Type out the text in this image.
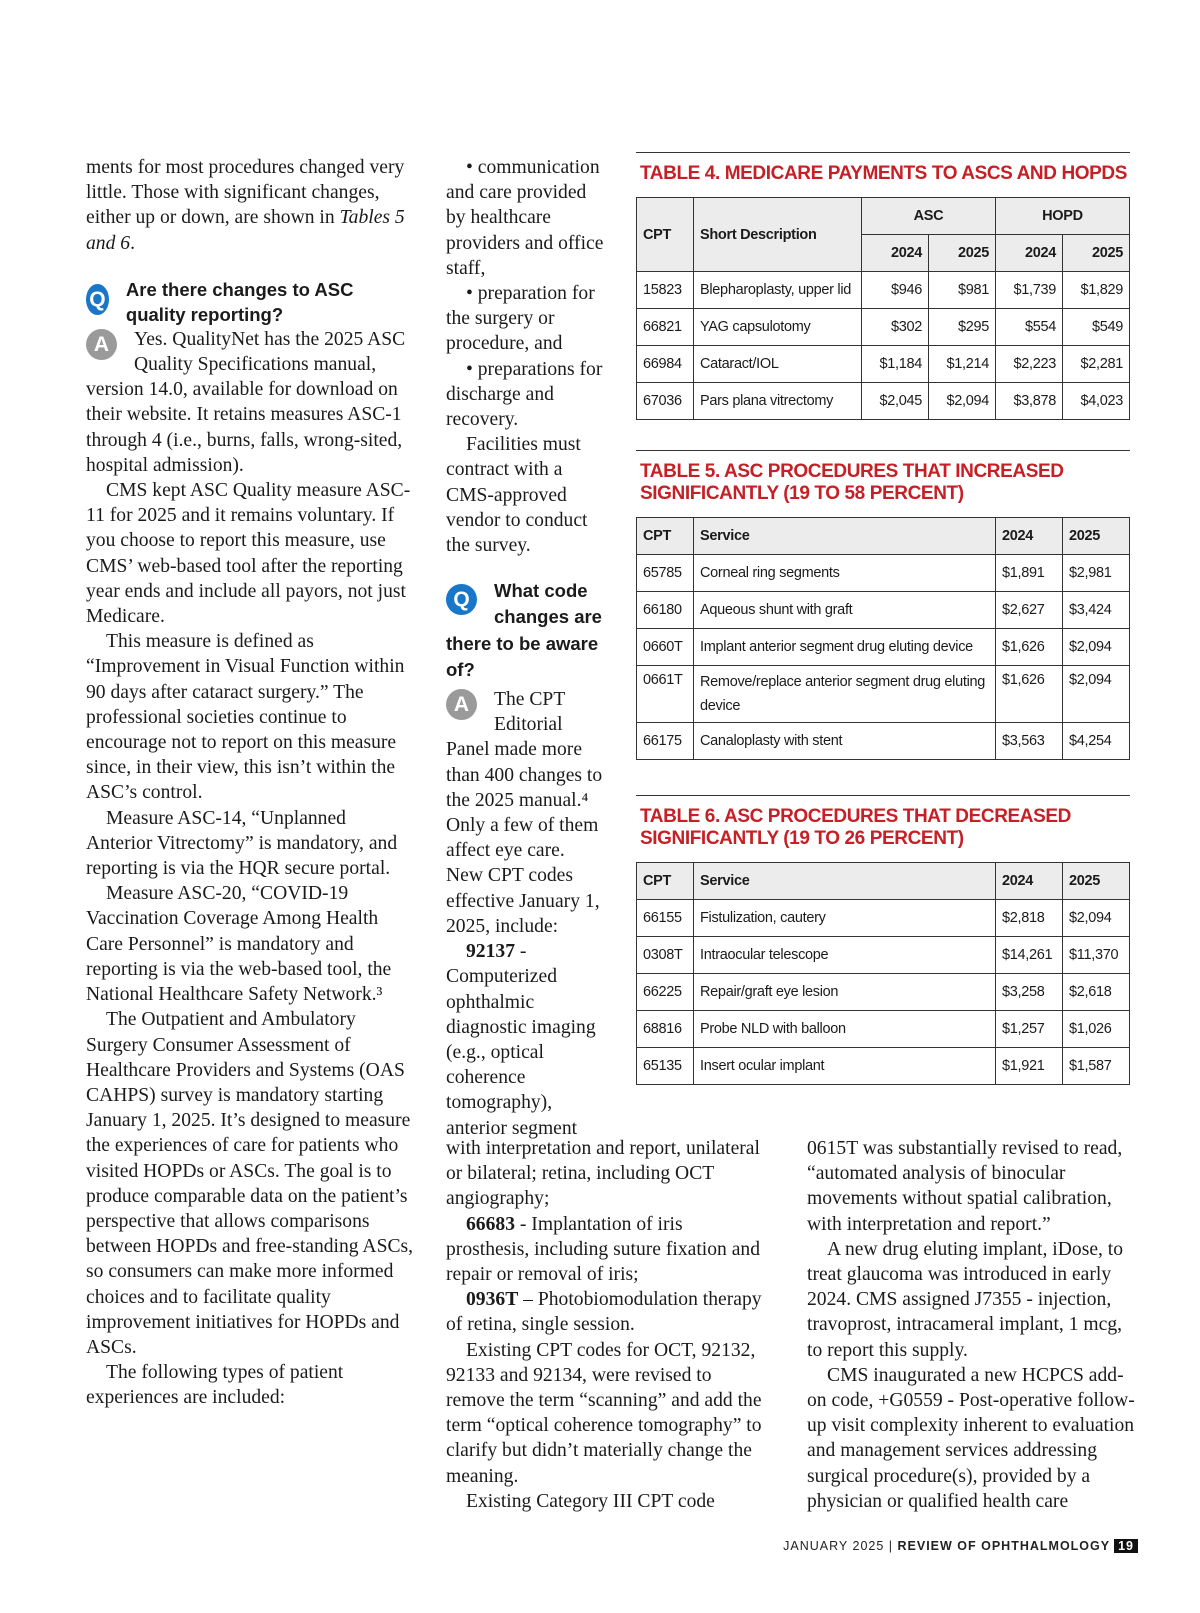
ments for most procedures changed very little. Those with significant changes, either up or down, are shown in Tables 5 and 6.

Q Are there changes to ASC quality reporting?

A	Yes. QualityNet has the 2025 ASC Quality Specifications manual, version 14.0, available for download on their website. It retains measures ASC-1 through 4 (i.e., burns, falls, wrong-sited, hospital admission).

CMS kept ASC Quality measure ASC-11 for 2025 and it remains voluntary. If you choose to report this measure, use CMS’ web-based tool after the reporting year ends and include all payors, not just Medicare.

This measure is defined as “Improvement in Visual Function within 90 days after cataract surgery.” The professional societies continue to encourage not to report on this measure since, in their view, this isn’t within the ASC’s control.

Measure ASC-14, “Unplanned Anterior Vitrectomy” is mandatory, and reporting is via the HQR secure portal.

Measure ASC-20, “COVID-19 Vaccination Coverage Among Health Care Personnel” is mandatory and reporting is via the web-based tool, the National Healthcare Safety Network.³

The Outpatient and Ambulatory Surgery Consumer Assessment of Healthcare Providers and Systems (OAS CAHPS) survey is mandatory starting January 1, 2025. It’s designed to measure the experiences of care for patients who visited HOPDs or ASCs. The goal is to produce comparable data on the patient’s perspective that allows comparisons between HOPDs and free-standing ASCs, so consumers can make more informed choices and to facilitate quality improvement initiatives for HOPDs and ASCs.

The following types of patient experiences are included:

• communication and care provided by healthcare providers and office staff,

• preparation for the surgery or procedure, and

• preparations for discharge and recovery.

Facilities must contract with a CMS-approved vendor to conduct the survey.

Q	What code changes are there to be aware of?

A	The CPT Editorial Panel made more than 400 changes to the 2025 manual.⁴ Only a few of them affect eye care. New CPT codes effective January 1, 2025, include:

92137 - Computerized ophthalmic diagnostic imaging (e.g., optical coherence tomography), anterior segment

with interpretation and report, unilateral or bilateral; retina, including OCT angiography;

66683 - Implantation of iris prosthesis, including suture fixation and repair or removal of iris;

0936T – Photobiomodulation therapy of retina, single session.

Existing CPT codes for OCT, 92132, 92133 and 92134, were revised to remove the term “scanning” and add the term “optical coherence tomography” to clarify but didn’t materially change the meaning.

Existing Category III CPT code

0615T was substantially revised to read, “automated analysis of binocular movements without spatial calibration, with interpretation and report.”

A new drug eluting implant, iDose, to treat glaucoma was introduced in early 2024. CMS assigned J7355 - injection, travoprost, intracameral implant, 1 mcg, to report this supply.

CMS inaugurated a new HCPCS add-on code, +G0559 - Post-operative follow-up visit complexity inherent to evaluation and management services addressing surgical procedure(s), provided by a physician or qualified health care

TABLE 4. MEDICARE PAYMENTS TO ASCS AND HOPDS
CPT	Short Description	ASC		HOPD	
		2024	2025	2024	2025
15823	Blepharoplasty, upper lid	$946	$981	$1,739	$1,829
66821	YAG capsulotomy	$302	$295	$554	$549
66984	Cataract/IOL	$1,184	$1,214	$2,223	$2,281
67036	Pars plana vitrectomy	$2,045	$2,094	$3,878	$4,023
TABLE 5. ASC PROCEDURES THAT INCREASED SIGNIFICANTLY (19 TO 58 PERCENT)
CPT	Service	2024	2025
65785	Corneal ring segments	$1,891	$2,981
66180	Aqueous shunt with graft	$2,627	$3,424
0660T	Implant anterior segment drug eluting device	$1,626	$2,094
0661T	Remove/replace anterior segment drug eluting device	$1,626	$2,094
66175	Canaloplasty with stent	$3,563	$4,254
TABLE 6. ASC PROCEDURES THAT DECREASED SIGNIFICANTLY (19 TO 26 PERCENT)
CPT	Service	2024	2025
66155	Fistulization, cautery	$2,818	$2,094
0308T	Intraocular telescope	$14,261	$11,370
66225	Repair/graft eye lesion	$3,258	$2,618
68816	Probe NLD with balloon	$1,257	$1,026
65135	Insert ocular implant	$1,921	$1,587
JANUARY 2025 | REVIEW OF OPHTHALMOLOGY 19
